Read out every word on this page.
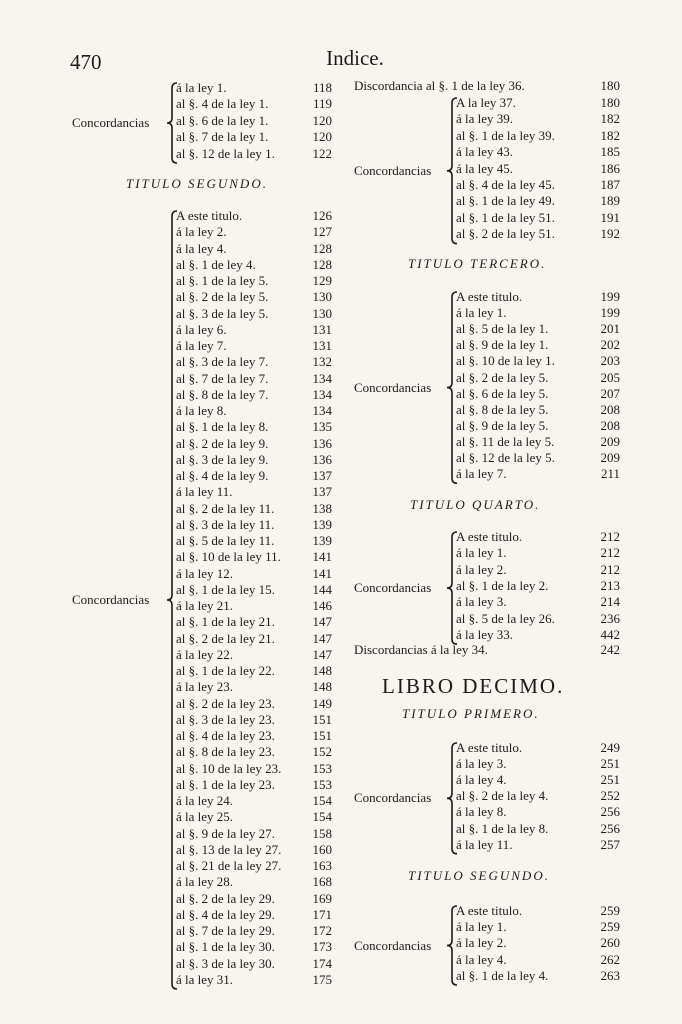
470	Indice.
á la ley 1.	118
al §. 4 de la ley 1.	119
al §. 6 de la ley 1.	120
al §. 7 de la ley 1.	120
al §. 12 de la ley 1.	122
Concordancias
TITULO SEGUNDO.
A este titulo.	126
á la ley 2.	127
á la ley 4.	128
al §. 1 de ley 4.	128
al §. 1 de la ley 5.	129
al §. 2 de la ley 5.	130
al §. 3 de la ley 5.	130
á la ley 6.	131
á la ley 7.	131
al §. 3 de la ley 7.	132
al §. 7 de la ley 7.	134
al §. 8 de la ley 7.	134
á la ley 8.	134
al §. 1 de la ley 8.	135
al §. 2 de la ley 9.	136
al §. 3 de la ley 9.	136
al §. 4 de la ley 9.	137
á la ley 11.	137
al §. 2 de la ley 11.	138
al §. 3 de la ley 11.	139
al §. 5 de la ley 11.	139
al §. 10 de la ley 11. 141
á la ley 12.	141
al §. 1 de la ley 15.	144
á la ley 21.	146
al §. 1 de la ley 21.	147
al §. 2 de la ley 21.	147
á la ley 22.	147
al §. 1 de la ley 22.	148
á la ley 23.	148
al §. 2 de la ley 23.	149
al §. 3 de la ley 23.	151
al §. 4 de la ley 23.	151
al §. 8 de la ley 23.	152
al §. 10 de la ley 23. 153
al §. 1 de la ley 23.	153
á la ley 24.	154
á la ley 25.	154
al §. 9 de la ley 27.	158
al §. 13 de la ley 27. 160
al §. 21 de la ley 27. 163
á la ley 28.	168
al §. 2 de la ley 29.	169
al §. 4 de la ley 29.	171
al §. 7 de la ley 29.	172
al §. 1 de la ley 30.	173
al §. 3 de la ley 30.	174
á la ley 31.	175
Concordancias
Discordancia al §. 1 de la ley 36.	180
A la ley 37.	180
á la ley 39.	182
al §. 1 de la ley 39.	182
á la ley 43.	185
á la ley 45.	186
al §. 4 de la ley 45.	187
al §. 1 de la ley 49.	189
al §. 1 de la ley 51.	191
al §. 2 de la ley 51.	192
Concordancias
TITULO TERCERO.
A este titulo.	199
á la ley 1.	199
al §. 5 de la ley 1.	201
al §. 9 de la ley 1.	202
al §. 10 de la ley 1.	203
al §. 2 de la ley 5.	205
al §. 6 de la ley 5.	207
al §. 8 de la ley 5.	208
al §. 9 de la ley 5.	208
al §. 11 de la ley 5.	209
al §. 12 de la ley 5.	209
á la ley 7.	211
Concordancias
TITULO QUARTO.
A este titulo.	212
á la ley 1.	212
á la ley 2.	212
al §. 1 de la ley 2.	213
á la ley 3.	214
al §. 5 de la ley 26.	236
á la ley 33.	442
Concordancias
Discordancias á la ley 34.	242
LIBRO DECIMO.
TITULO PRIMERO.
A este titulo.	249
á la ley 3.	251
á la ley 4.	251
al §. 2 de la ley 4.	252
á la ley 8.	256
al §. 1 de la ley 8.	256
á la ley 11.	257
Concordancias
TITULO SEGUNDO.
A este titulo.	259
á la ley 1.	259
á la ley 2.	260
á la ley 4.	262
al §. 1 de la ley 4.	263
Concordancias
